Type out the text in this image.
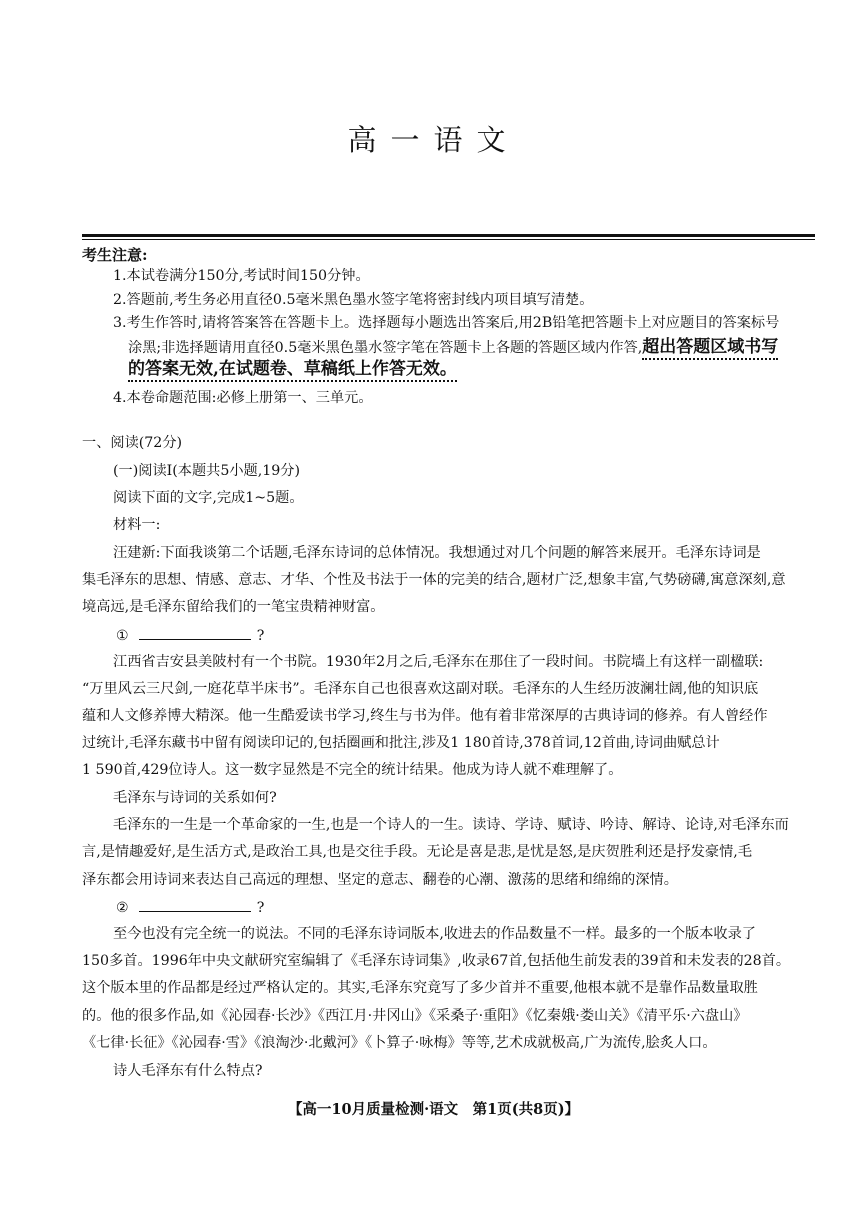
高一语文
考生注意:
1.本试卷满分150分,考试时间150分钟。
2.答题前,考生务必用直径0.5毫米黑色墨水签字笔将密封线内项目填写清楚。
3.考生作答时,请将答案答在答题卡上。选择题每小题选出答案后,用2B铅笔把答题卡上对应题目的答案标号
涂黑;非选择题请用直径0.5毫米黑色墨水签字笔在答题卡上各题的答题区域内作答,超出答题区域书写
的答案无效,在试题卷、草稿纸上作答无效。
4.本卷命题范围:必修上册第一、三单元。
一、阅读(72分)
(一)阅读Ⅰ(本题共5小题,19分)
阅读下面的文字,完成1~5题。
材料一:
汪建新:下面我谈第二个话题,毛泽东诗词的总体情况。我想通过对几个问题的解答来展开。毛泽东诗词是
集毛泽东的思想、情感、意志、才华、个性及书法于一体的完美的结合,题材广泛,想象丰富,气势磅礴,寓意深刻,意
境高远,是毛泽东留给我们的一笔宝贵精神财富。
①	?
江西省吉安县美陂村有一个书院。1930年2月之后,毛泽东在那住了一段时间。书院墙上有这样一副楹联:
“万里风云三尺剑,一庭花草半床书”。毛泽东自己也很喜欢这副对联。毛泽东的人生经历波澜壮阔,他的知识底
蕴和人文修养博大精深。他一生酷爱读书学习,终生与书为伴。他有着非常深厚的古典诗词的修养。有人曾经作
过统计,毛泽东藏书中留有阅读印记的,包括圈画和批注,涉及1 180首诗,378首词,12首曲,诗词曲赋总计
1 590首,429位诗人。这一数字显然是不完全的统计结果。他成为诗人就不难理解了。
毛泽东与诗词的关系如何?
毛泽东的一生是一个革命家的一生,也是一个诗人的一生。读诗、学诗、赋诗、吟诗、解诗、论诗,对毛泽东而
言,是情趣爱好,是生活方式,是政治工具,也是交往手段。无论是喜是悲,是忧是怒,是庆贺胜利还是抒发豪情,毛
泽东都会用诗词来表达自己高远的理想、坚定的意志、翻卷的心潮、激荡的思绪和绵绵的深情。
②	?
至今也没有完全统一的说法。不同的毛泽东诗词版本,收进去的作品数量不一样。最多的一个版本收录了
150多首。1996年中央文献研究室编辑了《毛泽东诗词集》,收录67首,包括他生前发表的39首和未发表的28首。
这个版本里的作品都是经过严格认定的。其实,毛泽东究竟写了多少首并不重要,他根本就不是靠作品数量取胜
的。他的很多作品,如《沁园春·长沙》《西江月·井冈山》《采桑子·重阳》《忆秦娥·娄山关》《清平乐·六盘山》
《七律·长征》《沁园春·雪》《浪淘沙·北戴河》《卜算子·咏梅》等等,艺术成就极高,广为流传,脍炙人口。
诗人毛泽东有什么特点?
【高一10月质量检测·语文　第1页(共8页)】
